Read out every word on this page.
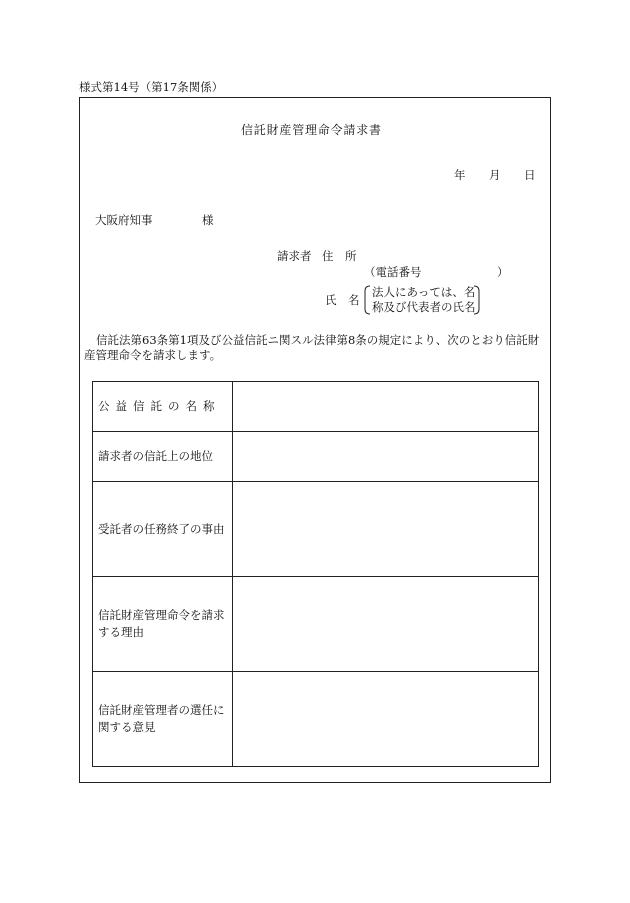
様式第14号（第17条関係）
信託財産管理命令請求書
年 月 日
大阪府知事	様
請求者 住　所
（電話番号	）
氏　名
法人にあっては、名
称及び代表者の氏名
信託法第63条第1項及び公益信託ニ関スル法律第8条の規定により、次のとおり信託財産管理命令を請求します。
公益信託の名称	
請求者の信託上の地位	
受託者の任務終了の事由	
信託財産管理命令を請求する理由	
信託財産管理者の選任に関する意見	
